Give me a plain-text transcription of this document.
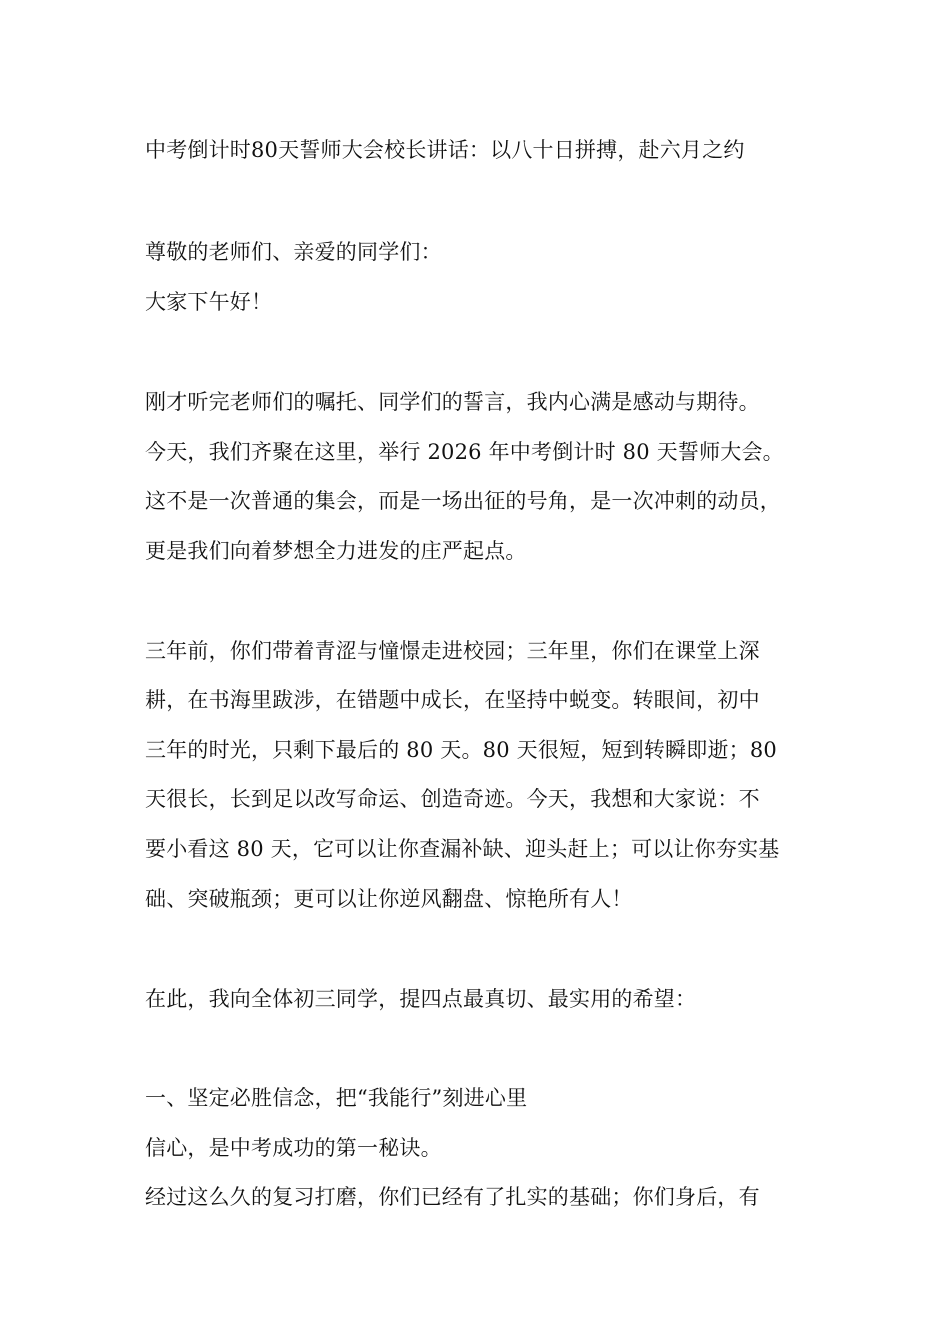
中考倒计时80天誓师大会校长讲话：以八十日拼搏，赴六月之约
尊敬的老师们、亲爱的同学们：
大家下午好！
刚才听完老师们的嘱托、同学们的誓言，我内心满是感动与期待。
今天，我们齐聚在这里，举行 2026 年中考倒计时 80 天誓师大会。
这不是一次普通的集会，而是一场出征的号角，是一次冲刺的动员，
更是我们向着梦想全力进发的庄严起点。
三年前，你们带着青涩与憧憬走进校园；三年里，你们在课堂上深
耕，在书海里跋涉，在错题中成长，在坚持中蜕变。转眼间，初中
三年的时光，只剩下最后的 80 天。80 天很短，短到转瞬即逝；80
天很长，长到足以改写命运、创造奇迹。今天，我想和大家说：不
要小看这 80 天，它可以让你查漏补缺、迎头赶上；可以让你夯实基
础、突破瓶颈；更可以让你逆风翻盘、惊艳所有人！
在此，我向全体初三同学，提四点最真切、最实用的希望：
一、坚定必胜信念，把“我能行”刻进心里
信心，是中考成功的第一秘诀。
经过这么久的复习打磨，你们已经有了扎实的基础；你们身后，有
